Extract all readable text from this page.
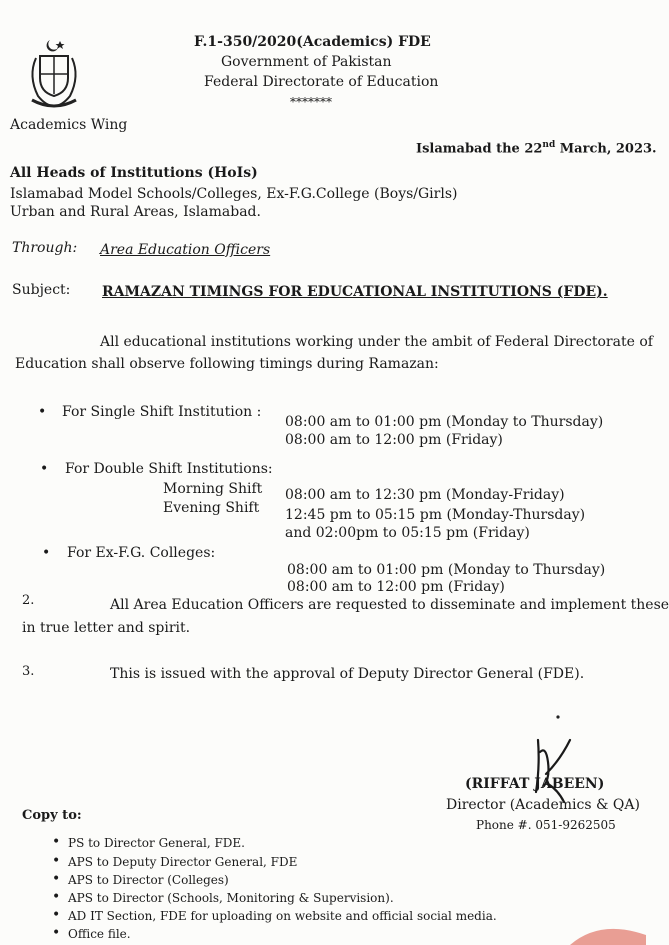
F.1-350/2020(Academics) FDE
Government of Pakistan
Federal Directorate of Education
*******
Academics Wing
Islamabad the 22nd March, 2023.
All Heads of Institutions (HoIs)
Islamabad Model Schools/Colleges, Ex-F.G.College (Boys/Girls)
Urban and Rural Areas, Islamabad.
Through: Area Education Officers
Subject: RAMAZAN TIMINGS FOR EDUCATIONAL INSTITUTIONS (FDE).
All educational institutions working under the ambit of Federal Directorate of
Education shall observe following timings during Ramazan:
• For Single Shift Institution :
08:00 am to 01:00 pm (Monday to Thursday)
08:00 am to 12:00 pm (Friday)
• For Double Shift Institutions:
Morning Shift 08:00 am to 12:30 pm (Monday-Friday)
Evening Shift 12:45 pm to 05:15 pm (Monday-Thursday)
and 02:00pm to 05:15 pm (Friday)
• For Ex-F.G. Colleges:
08:00 am to 01:00 pm (Monday to Thursday)
08:00 am to 12:00 pm (Friday)
2.	All Area Education Officers are requested to disseminate and implement these
in true letter and spirit.
3.	This is issued with the approval of Deputy Director General (FDE).
(RIFFAT JABEEN)
Director (Academics & QA)
Phone #. 051-9262505
Copy to:
• PS to Director General, FDE.
• APS to Deputy Director General, FDE
• APS to Director (Colleges)
• APS to Director (Schools, Monitoring & Supervision).
• AD IT Section, FDE for uploading on website and official social media.
• Office file.
